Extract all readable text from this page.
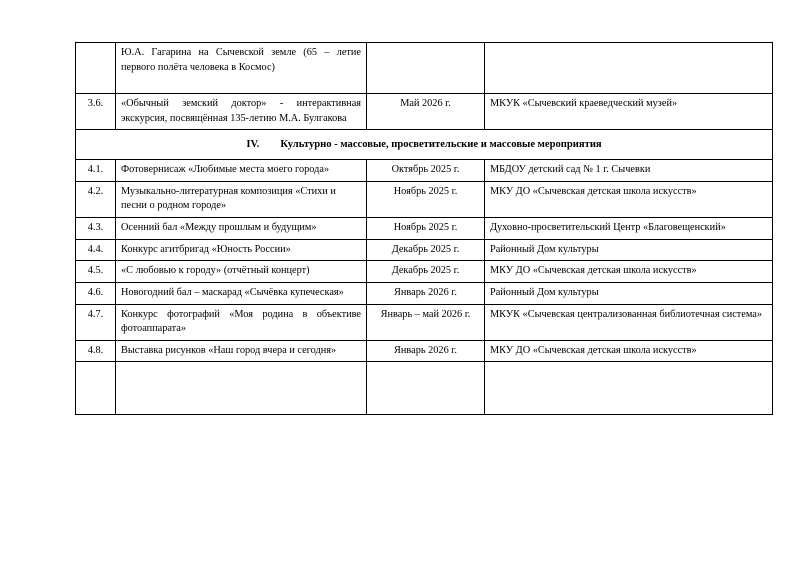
	Ю.А. Гагарина на Сычевской земле (65 – летие первого полёта человека в Космос)		
3.6.	«Обычный земский доктор» - интерактивная экскурсия, посвящённая 135-летию М.А. Булгакова	Май 2026 г.	МКУК «Сычевский краеведческий музей»
IV. Культурно - массовые, просветительские и массовые мероприятия			
4.1.	Фотовернисаж «Любимые места моего города»	Октябрь 2025 г.	МБДОУ детский сад № 1 г. Сычевки
4.2.	Музыкально-литературная композиция «Стихи и песни о родном городе»	Ноябрь 2025 г.	МКУ ДО «Сычевская детская школа искусств»
4.3.	Осенний бал «Между прошлым и будущим»	Ноябрь 2025 г.	Духовно-просветительский Центр «Благовещенский»
4.4.	Конкурс агитбригад «Юность России»	Декабрь 2025 г.	Районный Дом культуры
4.5.	«С любовью к городу» (отчётный концерт)	Декабрь 2025 г.	МКУ ДО «Сычевская детская школа искусств»
4.6.	Новогодний бал – маскарад «Сычёвка купеческая»	Январь 2026 г.	Районный Дом культуры
4.7.	Конкурс фотографий «Моя родина в объективе фотоаппарата»	Январь – май 2026 г.	МКУК «Сычевская централизованная библиотечная система»
4.8.	Выставка рисунков «Наш город вчера и сегодня»	Январь 2026 г.	МКУ ДО «Сычевская детская школа искусств»
